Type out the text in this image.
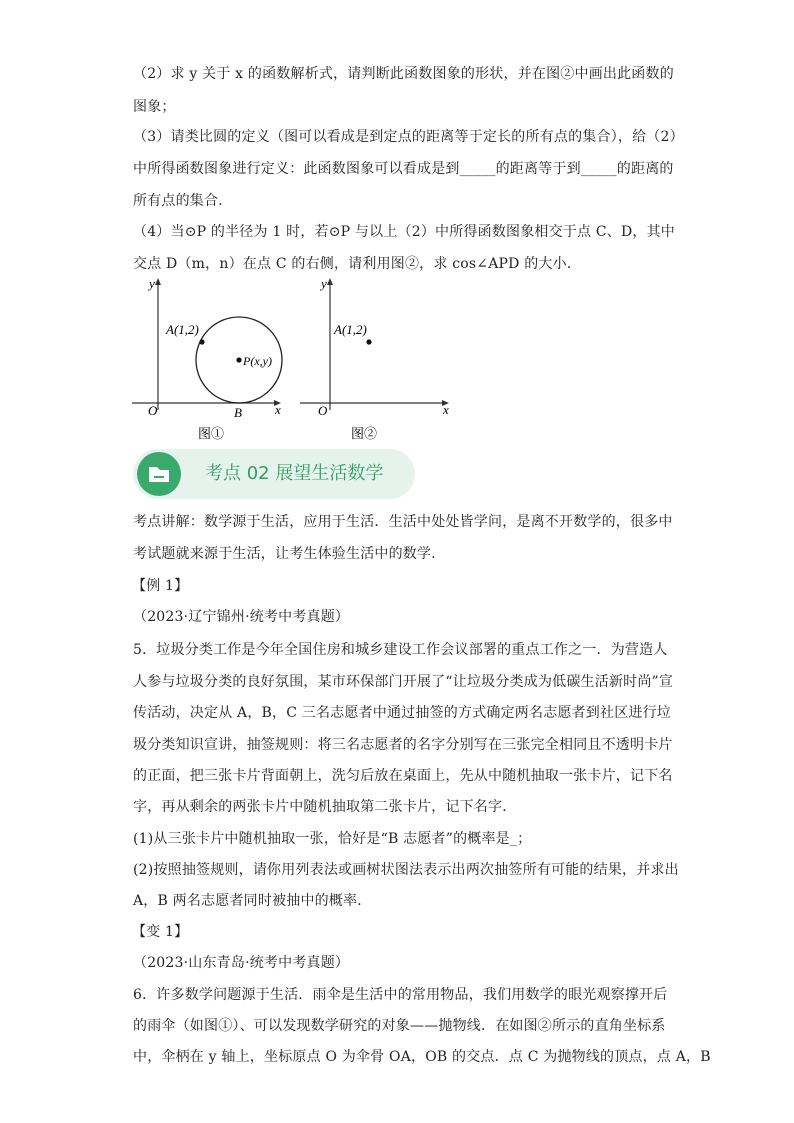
（2）求 y 关于 x 的函数解析式，请判断此函数图象的形状，并在图②中画出此函数的
图象；
（3）请类比圆的定义（图可以看成是到定点的距离等于定长的所有点的集合），给（2）
中所得函数图象进行定义：此函数图象可以看成是到_____的距离等于到_____的距离的
所有点的集合．
（4）当⊙P 的半径为 1 时，若⊙P 与以上（2）中所得函数图象相交于点 C、D，其中
交点 D（m，n）在点 C 的右侧，请利用图②，求 cos∠APD 的大小．
y
x
O
A(1,2)
P(x,y)
B
图①
y
x
O
A(1,2)
图②
考点 02 展望生活数学
考点讲解：数学源于生活，应用于生活．生活中处处皆学问，是离不开数学的，很多中
考试题就来源于生活，让考生体验生活中的数学．
【例 1】
（2023·辽宁锦州·统考中考真题）
5．垃圾分类工作是今年全国住房和城乡建设工作会议部署的重点工作之一．为营造人
人参与垃圾分类的良好氛围，某市环保部门开展了“让垃圾分类成为低碳生活新时尚”宣
传活动，决定从 A，B，C 三名志愿者中通过抽签的方式确定两名志愿者到社区进行垃
圾分类知识宣讲，抽签规则：将三名志愿者的名字分别写在三张完全相同且不透明卡片
的正面，把三张卡片背面朝上，洗匀后放在桌面上，先从中随机抽取一张卡片，记下名
字，再从剩余的两张卡片中随机抽取第二张卡片，记下名字．
(1)从三张卡片中随机抽取一张，恰好是“B 志愿者”的概率是_；
(2)按照抽签规则，请你用列表法或画树状图法表示出两次抽签所有可能的结果，并求出
A，B 两名志愿者同时被抽中的概率．
【变 1】
（2023·山东青岛·统考中考真题）
6．许多数学问题源于生活．雨伞是生活中的常用物品，我们用数学的眼光观察撑开后
的雨伞（如图①）、可以发现数学研究的对象——抛物线．在如图②所示的直角坐标系
中，伞柄在 y 轴上，坐标原点 O 为伞骨 OA，OB 的交点．点 C 为抛物线的顶点，点 A，B
